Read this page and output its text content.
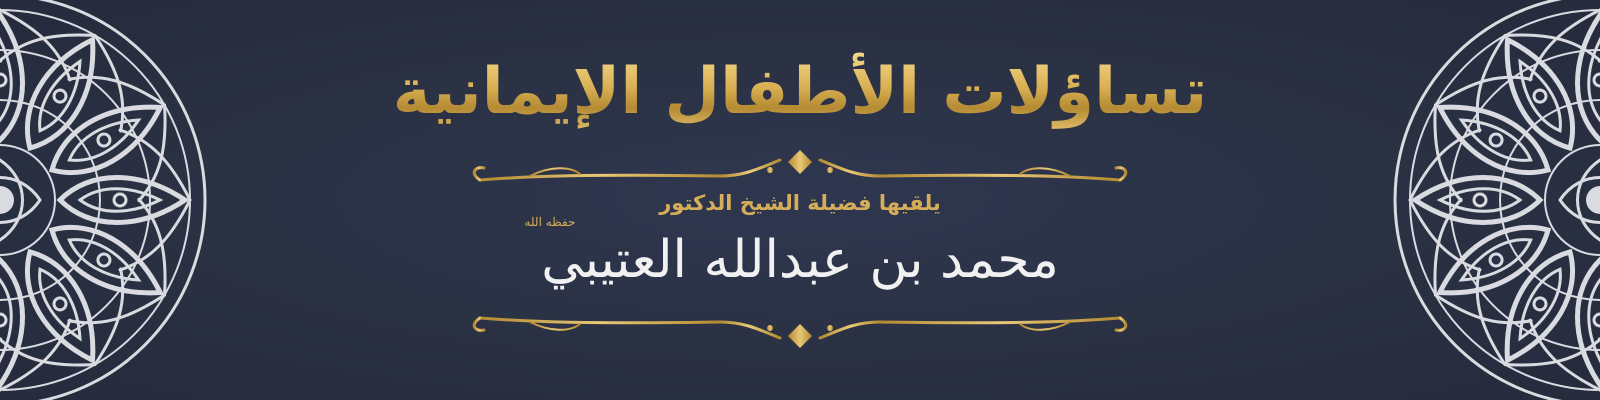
تساؤلات الأطفال الإيمانية
يلقيها فضيلة الشيخ الدكتور
حفظه الله
محمد بن عبدالله العتيبي
